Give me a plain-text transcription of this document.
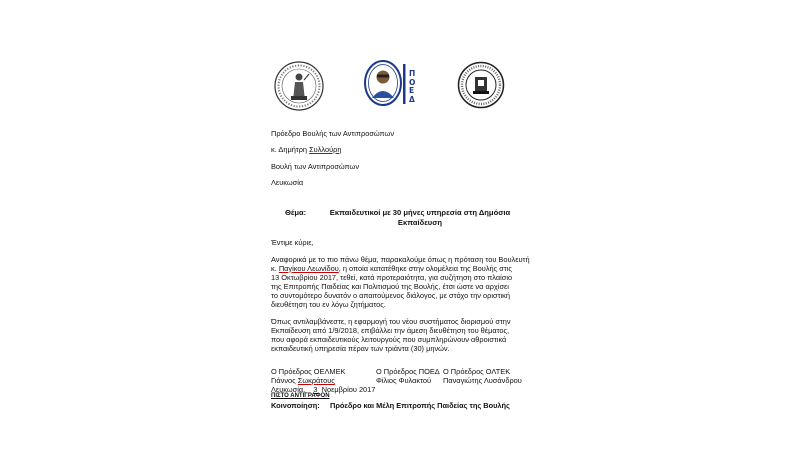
ΠΟΕΔ
Πρόεδρο Βουλής των Αντιπροσώπων
κ. Δημήτρη Συλλούρη
Βουλή των Αντιπροσώπων
Λευκωσία
Θέμα:	Εκπαιδευτικοί με 30 μήνες υπηρεσία στη Δημόσια
Εκπαίδευση
Έντιμε κύριε,
Αναφορικά με το πιο πάνω θέμα, παρακαλούμε όπως η πρόταση του Βουλευτή
κ. Παγίκου Λεωνίδου, η οποία κατατέθηκε στην ολομέλεια της Βουλής στις
13 Οκτωβρίου 2017, τεθεί, κατά προτεραιότητα, για συζήτηση στο πλαίσιο
της Επιτροπής Παιδείας και Πολιτισμού της Βουλής, έτσι ώστε να αρχίσει
το συντομότερο δυνατόν ο απαιτούμενος διάλογος, με στόχο την οριστική
διευθέτηση του εν λόγω ζητήματος.
Όπως αντιλαμβάνεστε, η εφαρμογή του νέου συστήματος διορισμού στην
Εκπαίδευση από 1/9/2018, επιβάλλει την άμεση διευθέτηση του θέματος,
που αφορά εκπαιδευτικούς λειτουργούς που συμπληρώνουν αθροιστικά
εκπαιδευτική υπηρεσία πέραν των τριάντα (30) μηνών.
Ο Πρόεδρος ΟΕΛΜΕΚ
Γιάννος Σωκράτους
Ο Πρόεδρος ΠΟΕΔ
Φίλιος Φυλακτού
Ο Πρόεδρος ΟΛΤΕΚ
Παναγιώτης Λυσάνδρου
Λευκωσία, 3 Νοεμβρίου 2017
ΠΙΣΤΟ ΑΝΤΙΓΡΑΦΟΝ
Κοινοποίηση: Πρόεδρο και Μέλη Επιτροπής Παιδείας της Βουλής
